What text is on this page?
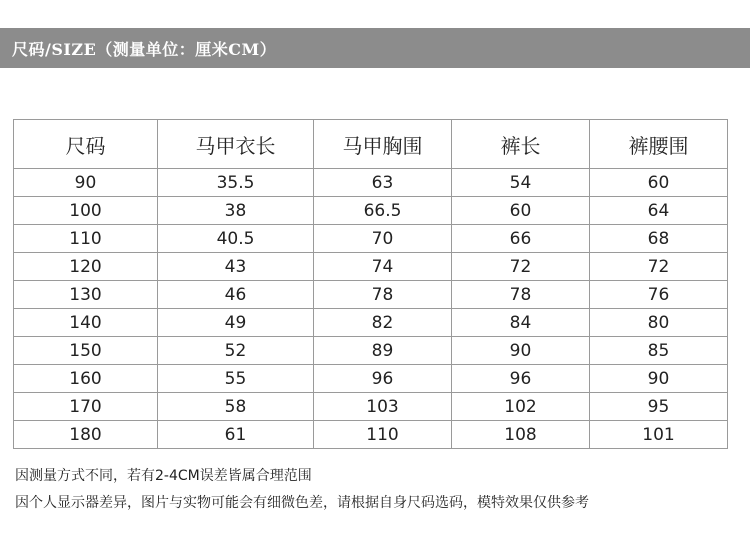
尺码/SIZE（测量单位：厘米CM）
尺码	马甲衣长	马甲胸围	裤长	裤腰围
90	35.5	63	54	60
100	38	66.5	60	64
110	40.5	70	66	68
120	43	74	72	72
130	46	78	78	76
140	49	82	84	80
150	52	89	90	85
160	55	96	96	90
170	58	103	102	95
180	61	110	108	101
因测量方式不同，若有2-4CM误差皆属合理范围
因个人显示器差异，图片与实物可能会有细微色差，请根据自身尺码选码，模特效果仅供参考
